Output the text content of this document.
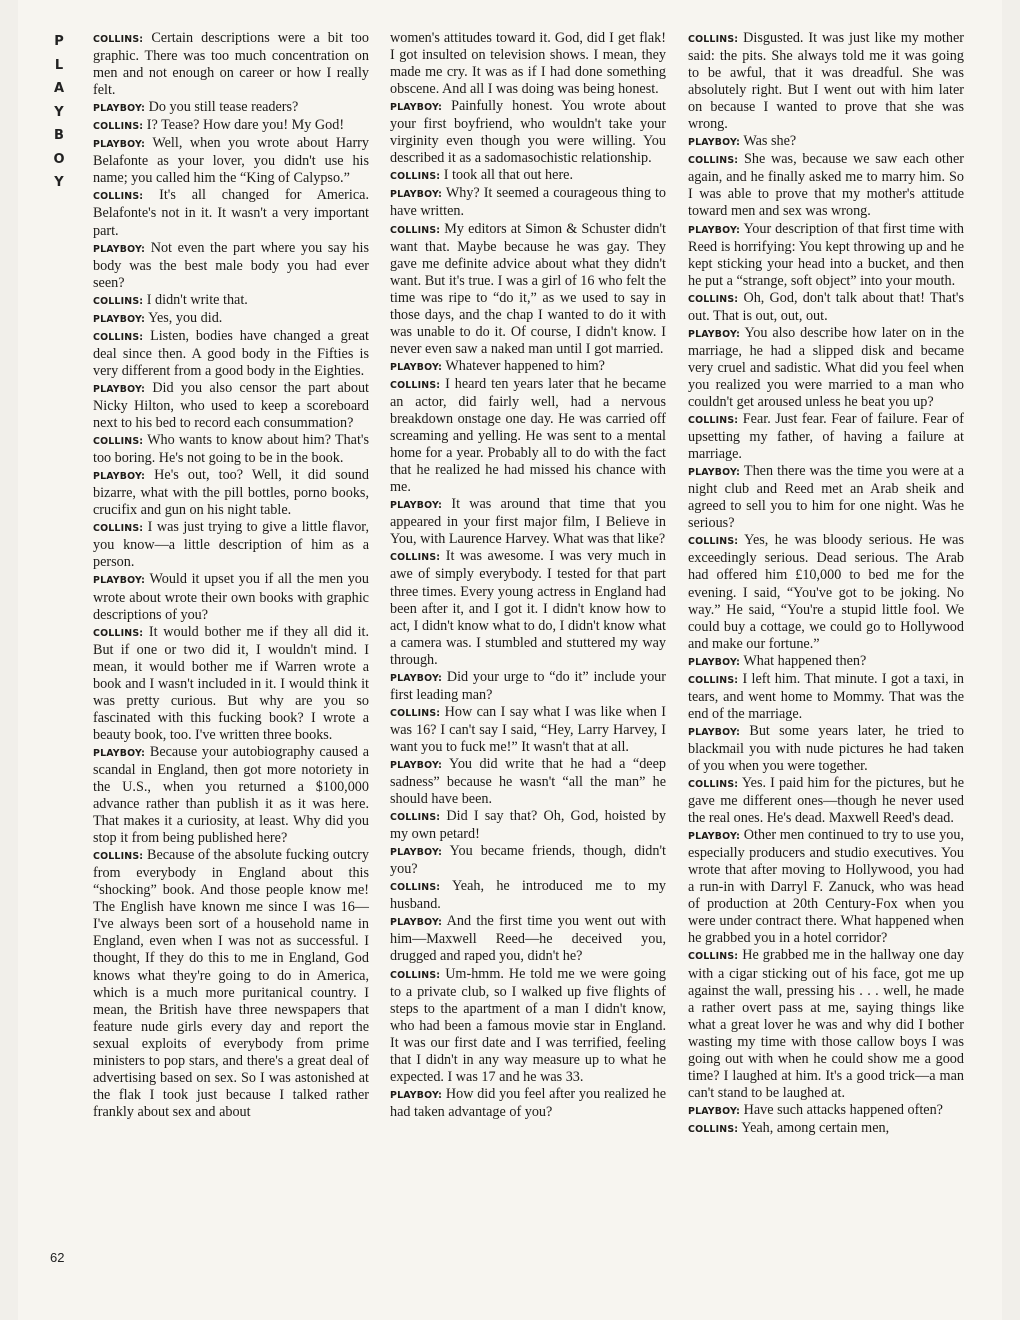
P
L
A
Y
B
O
Y
62

COLLINS: Certain descriptions were a bit too graphic. There was too much concentration on men and not enough on career or how I really felt.

PLAYBOY: Do you still tease readers?

COLLINS: I? Tease? How dare you! My God!

PLAYBOY: Well, when you wrote about Harry Belafonte as your lover, you didn't use his name; you called him the “King of Calypso.”

COLLINS: It's all changed for America. Belafonte's not in it. It wasn't a very important part.

PLAYBOY: Not even the part where you say his body was the best male body you had ever seen?

COLLINS: I didn't write that.

PLAYBOY: Yes, you did.

COLLINS: Listen, bodies have changed a great deal since then. A good body in the Fifties is very different from a good body in the Eighties.

PLAYBOY: Did you also censor the part about Nicky Hilton, who used to keep a scoreboard next to his bed to record each consummation?

COLLINS: Who wants to know about him? That's too boring. He's not going to be in the book.

PLAYBOY: He's out, too? Well, it did sound bizarre, what with the pill bottles, porno books, crucifix and gun on his night table.

COLLINS: I was just trying to give a little flavor, you know—a little description of him as a person.

PLAYBOY: Would it upset you if all the men you wrote about wrote their own books with graphic descriptions of you?

COLLINS: It would bother me if they all did it. But if one or two did it, I wouldn't mind. I mean, it would bother me if Warren wrote a book and I wasn't included in it. I would think it was pretty curious. But why are you so fascinated with this fucking book? I wrote a beauty book, too. I've written three books.

PLAYBOY: Because your autobiography caused a scandal in England, then got more notoriety in the U.S., when you returned a $100,000 advance rather than publish it as it was here. That makes it a curiosity, at least. Why did you stop it from being published here?

COLLINS: Because of the absolute fucking outcry from everybody in England about this “shocking” book. And those people know me! The English have known me since I was 16—I've always been sort of a household name in England, even when I was not as successful. I thought, If they do this to me in England, God knows what they're going to do in America, which is a much more puritanical country. I mean, the British have three newspapers that feature nude girls every day and report the sexual exploits of everybody from prime ministers to pop stars, and there's a great deal of advertising based on sex. So I was astonished at the flak I took just because I talked rather frankly about sex and about

women's attitudes toward it. God, did I get flak! I got insulted on television shows. I mean, they made me cry. It was as if I had done something obscene. And all I was doing was being honest.

PLAYBOY: Painfully honest. You wrote about your first boyfriend, who wouldn't take your virginity even though you were willing. You described it as a sadomasochistic relationship.

COLLINS: I took all that out here.

PLAYBOY: Why? It seemed a courageous thing to have written.

COLLINS: My editors at Simon & Schuster didn't want that. Maybe because he was gay. They gave me definite advice about what they didn't want. But it's true. I was a girl of 16 who felt the time was ripe to “do it,” as we used to say in those days, and the chap I wanted to do it with was unable to do it. Of course, I didn't know. I never even saw a naked man until I got married.

PLAYBOY: Whatever happened to him?

COLLINS: I heard ten years later that he became an actor, did fairly well, had a nervous breakdown onstage one day. He was carried off screaming and yelling. He was sent to a mental home for a year. Probably all to do with the fact that he realized he had missed his chance with me.

PLAYBOY: It was around that time that you appeared in your first major film, I Believe in You, with Laurence Harvey. What was that like?

COLLINS: It was awesome. I was very much in awe of simply everybody. I tested for that part three times. Every young actress in England had been after it, and I got it. I didn't know how to act, I didn't know what to do, I didn't know what a camera was. I stumbled and stuttered my way through.

PLAYBOY: Did your urge to “do it” include your first leading man?

COLLINS: How can I say what I was like when I was 16? I can't say I said, “Hey, Larry Harvey, I want you to fuck me!” It wasn't that at all.

PLAYBOY: You did write that he had a “deep sadness” because he wasn't “all the man” he should have been.

COLLINS: Did I say that? Oh, God, hoisted by my own petard!

PLAYBOY: You became friends, though, didn't you?

COLLINS: Yeah, he introduced me to my husband.

PLAYBOY: And the first time you went out with him—Maxwell Reed—he deceived you, drugged and raped you, didn't he?

COLLINS: Um-hmm. He told me we were going to a private club, so I walked up five flights of steps to the apartment of a man I didn't know, who had been a famous movie star in England. It was our first date and I was terrified, feeling that I didn't in any way measure up to what he expected. I was 17 and he was 33.

PLAYBOY: How did you feel after you realized he had taken advantage of you?

COLLINS: Disgusted. It was just like my mother said: the pits. She always told me it was going to be awful, that it was dreadful. She was absolutely right. But I went out with him later on because I wanted to prove that she was wrong.

PLAYBOY: Was she?

COLLINS: She was, because we saw each other again, and he finally asked me to marry him. So I was able to prove that my mother's attitude toward men and sex was wrong.

PLAYBOY: Your description of that first time with Reed is horrifying: You kept throwing up and he kept sticking your head into a bucket, and then he put a “strange, soft object” into your mouth.

COLLINS: Oh, God, don't talk about that! That's out. That is out, out, out.

PLAYBOY: You also describe how later on in the marriage, he had a slipped disk and became very cruel and sadistic. What did you feel when you realized you were married to a man who couldn't get aroused unless he beat you up?

COLLINS: Fear. Just fear. Fear of failure. Fear of upsetting my father, of having a failure at marriage.

PLAYBOY: Then there was the time you were at a night club and Reed met an Arab sheik and agreed to sell you to him for one night. Was he serious?

COLLINS: Yes, he was bloody serious. He was exceedingly serious. Dead serious. The Arab had offered him £10,000 to bed me for the evening. I said, “You've got to be joking. No way.” He said, “You're a stupid little fool. We could buy a cottage, we could go to Hollywood and make our fortune.”

PLAYBOY: What happened then?

COLLINS: I left him. That minute. I got a taxi, in tears, and went home to Mommy. That was the end of the marriage.

PLAYBOY: But some years later, he tried to blackmail you with nude pictures he had taken of you when you were together.

COLLINS: Yes. I paid him for the pictures, but he gave me different ones—though he never used the real ones. He's dead. Maxwell Reed's dead.

PLAYBOY: Other men continued to try to use you, especially producers and studio executives. You wrote that after moving to Hollywood, you had a run-in with Darryl F. Zanuck, who was head of production at 20th Century-Fox when you were under contract there. What happened when he grabbed you in a hotel corridor?

COLLINS: He grabbed me in the hallway one day with a cigar sticking out of his face, got me up against the wall, pressing his . . . well, he made a rather overt pass at me, saying things like what a great lover he was and why did I bother wasting my time with those callow boys I was going out with when he could show me a good time? I laughed at him. It's a good trick—a man can't stand to be laughed at.

PLAYBOY: Have such attacks happened often?

COLLINS: Yeah, among certain men,
